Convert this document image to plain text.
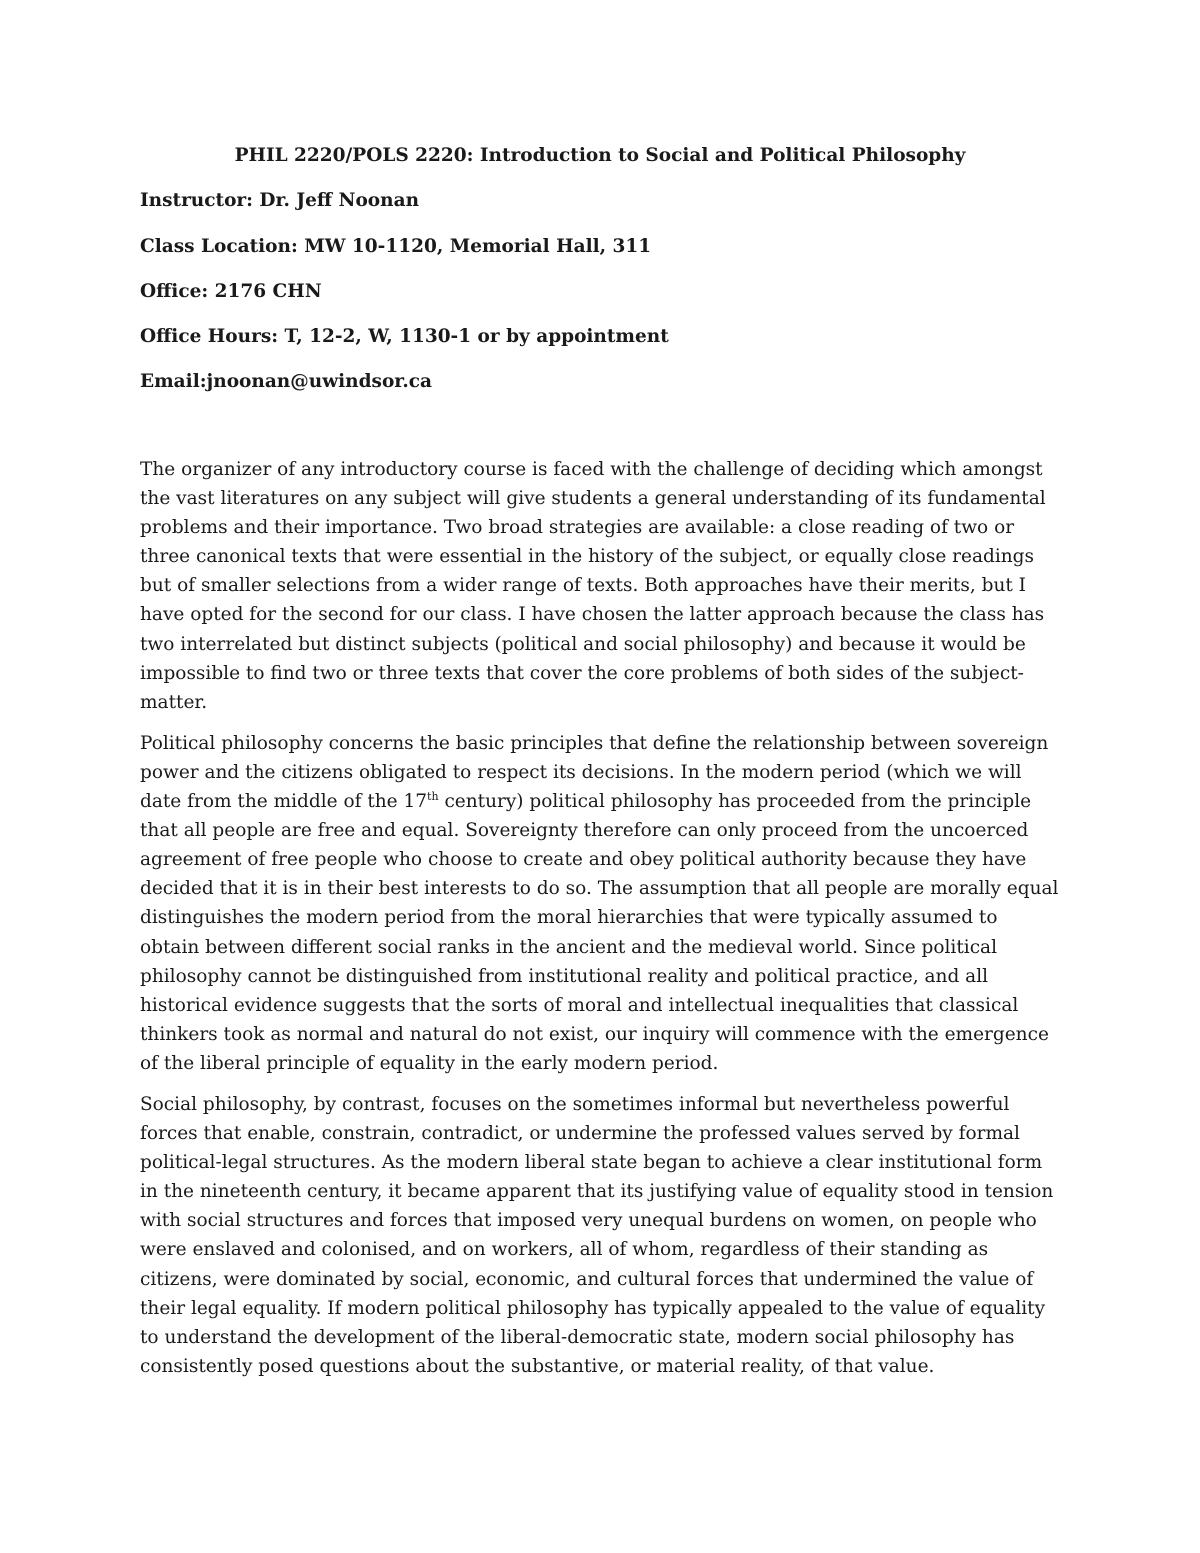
PHIL 2220/POLS 2220: Introduction to Social and Political Philosophy

Instructor: Dr. Jeff Noonan

Class Location: MW 10-1120, Memorial Hall, 311

Office: 2176 CHN

Office Hours: T, 12-2, W, 1130-1 or by appointment

Email:jnoonan@uwindsor.ca

The organizer of any introductory course is faced with the challenge of deciding which amongst the vast literatures on any subject will give students a general understanding of its fundamental problems and their importance. Two broad strategies are available: a close reading of two or three canonical texts that were essential in the history of the subject, or equally close readings but of smaller selections from a wider range of texts. Both approaches have their merits, but I have opted for the second for our class. I have chosen the latter approach because the class has two interrelated but distinct subjects (political and social philosophy) and because it would be impossible to find two or three texts that cover the core problems of both sides of the subject-matter.

Political philosophy concerns the basic principles that define the relationship between sovereign power and the citizens obligated to respect its decisions. In the modern period (which we will date from the middle of the 17th century) political philosophy has proceeded from the principle that all people are free and equal. Sovereignty therefore can only proceed from the uncoerced agreement of free people who choose to create and obey political authority because they have decided that it is in their best interests to do so. The assumption that all people are morally equal distinguishes the modern period from the moral hierarchies that were typically assumed to obtain between different social ranks in the ancient and the medieval world. Since political philosophy cannot be distinguished from institutional reality and political practice, and all historical evidence suggests that the sorts of moral and intellectual inequalities that classical thinkers took as normal and natural do not exist, our inquiry will commence with the emergence of the liberal principle of equality in the early modern period.

Social philosophy, by contrast, focuses on the sometimes informal but nevertheless powerful forces that enable, constrain, contradict, or undermine the professed values served by formal political-legal structures. As the modern liberal state began to achieve a clear institutional form in the nineteenth century, it became apparent that its justifying value of equality stood in tension with social structures and forces that imposed very unequal burdens on women, on people who were enslaved and colonised, and on workers, all of whom, regardless of their standing as citizens, were dominated by social, economic, and cultural forces that undermined the value of their legal equality. If modern political philosophy has typically appealed to the value of equality to understand the development of the liberal-democratic state, modern social philosophy has consistently posed questions about the substantive, or material reality, of that value.
